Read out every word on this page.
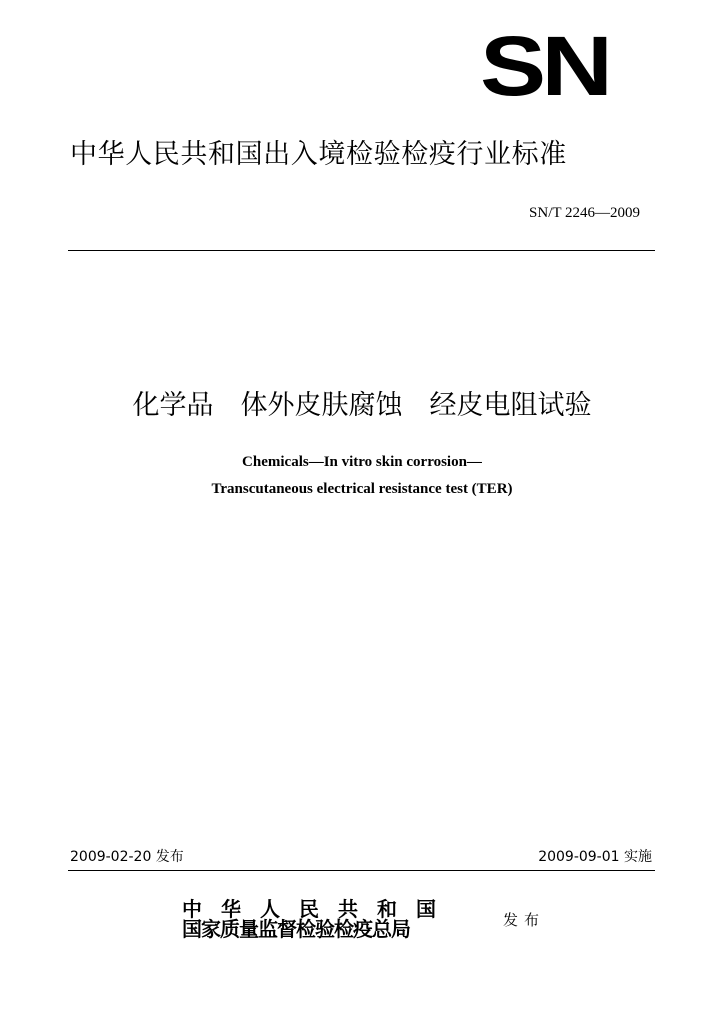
SN
中华人民共和国出入境检验检疫行业标准
SN/T 2246—2009
化学品　体外皮肤腐蚀　经皮电阻试验
Chemicals—In vitro skin corrosion—
Transcutaneous electrical resistance test (TER)
2009-02-20 发布	2009-09-01 实施
中华人民共和国
国家质量监督检验检疫总局	发布
